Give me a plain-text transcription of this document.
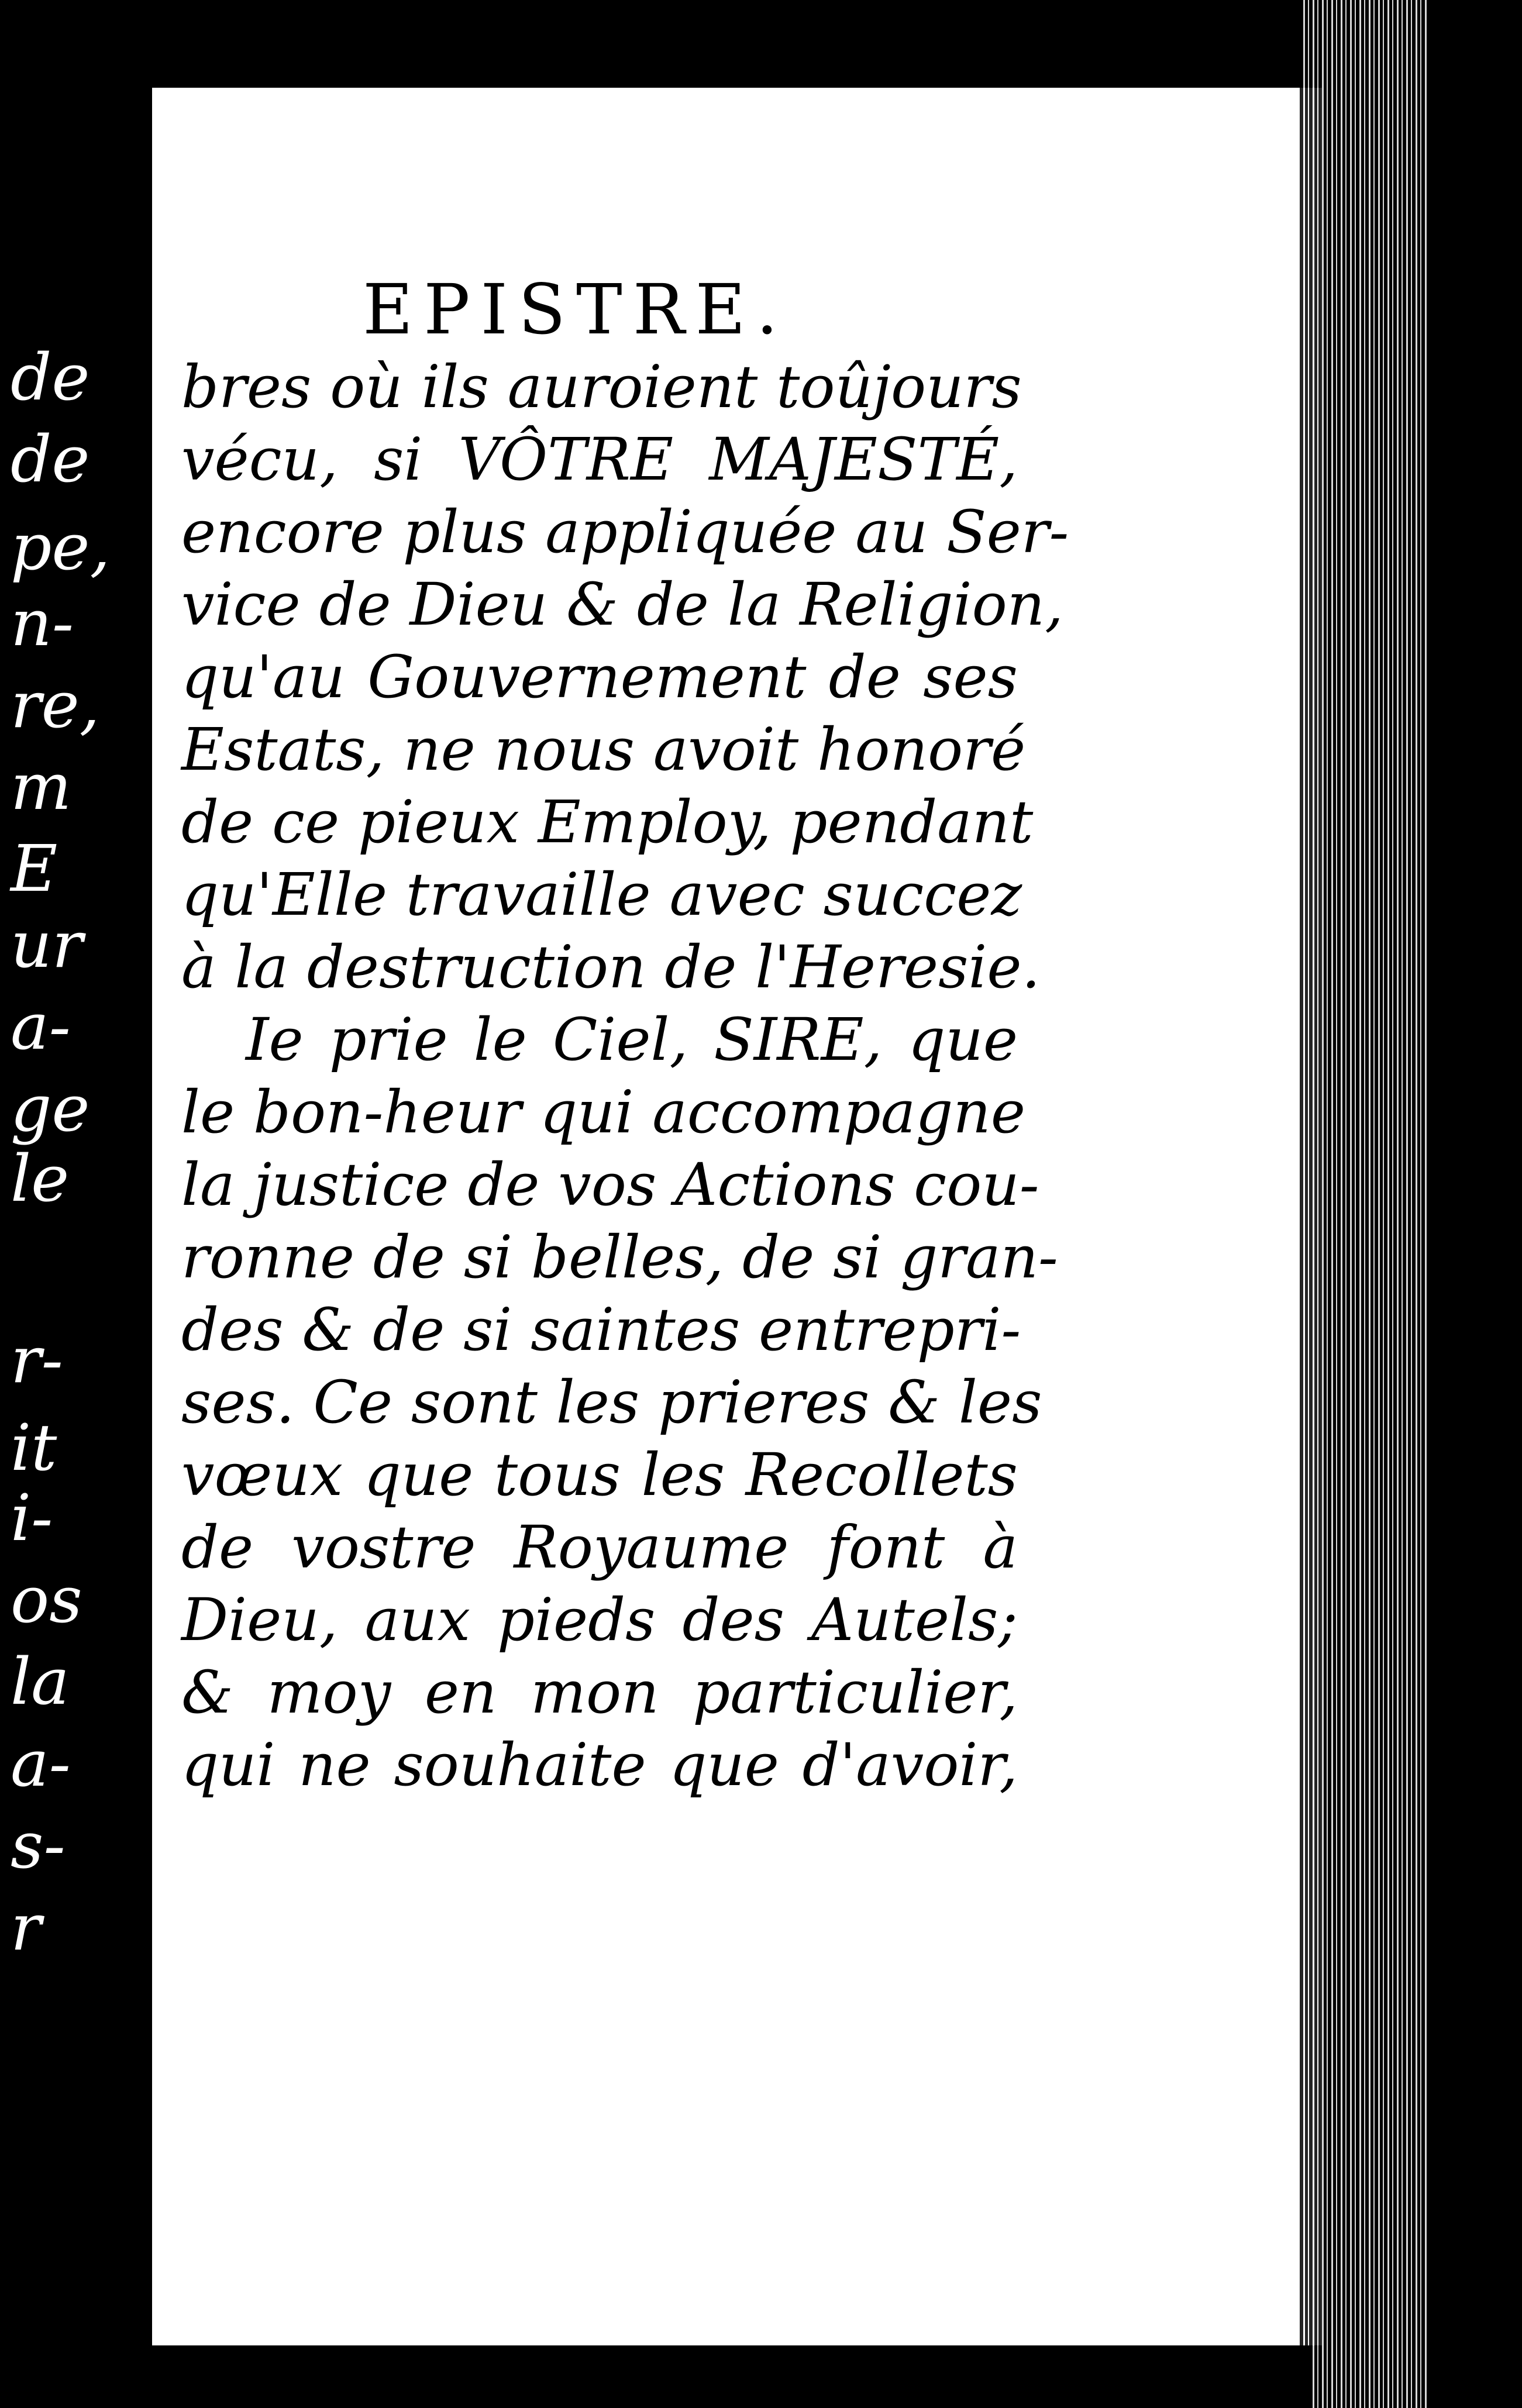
de
de
pe,
n-
re,
m
E
ur
a-
ge
le
r-
it
i-
os
la
a-
s-
r
EPISTRE.
bres où ils auroient toûjours
vécu, si VÔTRE MAJESTÉ,
encore plus appliquée au Ser-
vice de Dieu & de la Religion,
qu'au Gouvernement de ses
Estats, ne nous avoit honoré
de ce pieux Employ, pendant
qu'Elle travaille avec succez
à la destruction de l'Heresie.
Ie prie le Ciel, SIRE, que
le bon-heur qui accompagne
la justice de vos Actions cou-
ronne de si belles, de si gran-
des & de si saintes entrepri-
ses. Ce sont les prieres & les
vœux que tous les Recollets
de vostre Royaume font à
Dieu, aux pieds des Autels;
& moy en mon particulier,
qui ne souhaite que d'avoir,
